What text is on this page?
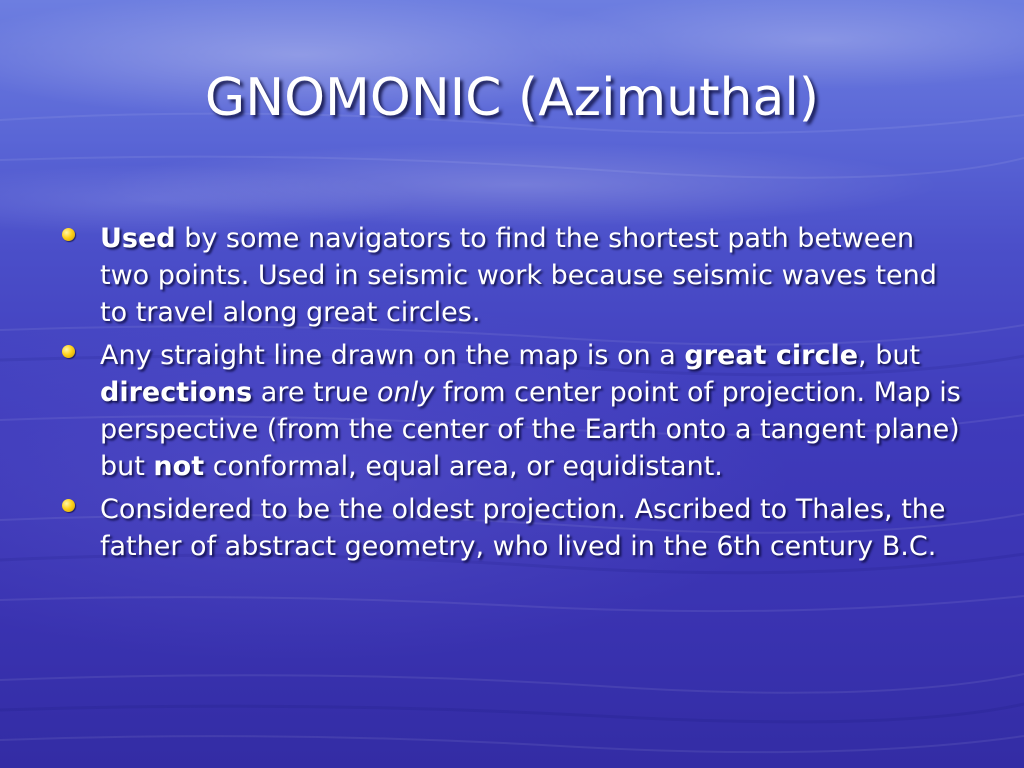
GNOMONIC (Azimuthal)
Used by some navigators to find the shortest path between two points. Used in seismic work because seismic waves tend to travel along great circles.
Any straight line drawn on the map is on a great circle, but directions are true only from center point of projection. Map is perspective (from the center of the Earth onto a tangent plane) but not conformal, equal area, or equidistant.
Considered to be the oldest projection. Ascribed to Thales, the father of abstract geometry, who lived in the 6th century B.C.
